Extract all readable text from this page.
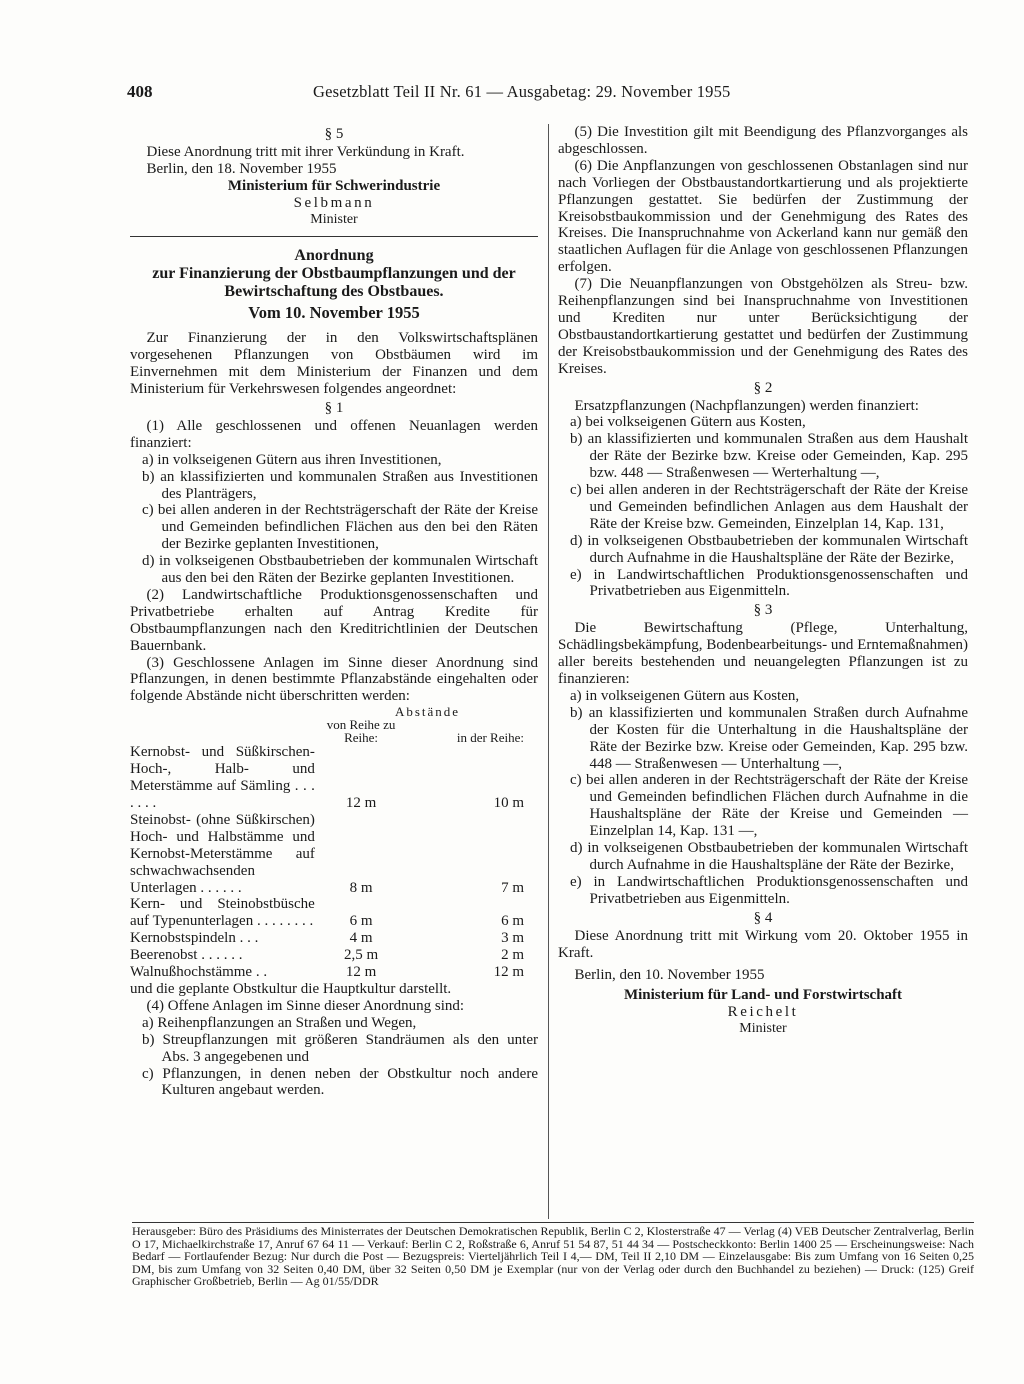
408	Gesetzblatt Teil II Nr. 61 — Ausgabetag: 29. November 1955

§ 5

Diese Anordnung tritt mit ihrer Verkündung in Kraft.

Berlin, den 18. November 1955

Ministerium für Schwerindustrie

Selbmann

Minister

Anordnung

zur Finanzierung der Obstbaumpflanzungen und der Bewirtschaftung des Obstbaues.

Vom 10. November 1955

Zur Finanzierung der in den Volkswirtschaftsplänen vorgesehenen Pflanzungen von Obstbäumen wird im Einvernehmen mit dem Ministerium der Finanzen und dem Ministerium für Verkehrswesen folgendes angeordnet:

§ 1

(1) Alle geschlossenen und offenen Neuanlagen werden finanziert:

a) in volkseigenen Gütern aus ihren Investitionen,

b) an klassifizierten und kommunalen Straßen aus Investitionen des Planträgers,

c) bei allen anderen in der Rechtsträgerschaft der Räte der Kreise und Gemeinden befindlichen Flächen aus den bei den Räten der Bezirke geplanten Investitionen,

d) in volkseigenen Obstbaubetrieben der kommunalen Wirtschaft aus den bei den Räten der Bezirke geplanten Investitionen.

(2) Landwirtschaftliche Produktionsgenossenschaften und Privatbetriebe erhalten auf Antrag Kredite für Obstbaumpflanzungen nach den Kreditrichtlinien der Deutschen Bauernbank.

(3) Geschlossene Anlagen im Sinne dieser Anordnung sind Pflanzungen, in denen bestimmte Pflanzabstände eingehalten oder folgende Abstände nicht überschritten werden:

Abstände
von Reihe zu Reihe:	in der Reihe:
Kernobst- und Süßkirschen-Hoch-, Halb- und Meterstämme auf Sämling . . . . . . .	12 m	10 m
Steinobst- (ohne Süßkirschen) Hoch- und Halbstämme und Kernobst-Meterstämme auf schwachwachsenden Unterlagen . . . . . .	8 m	7 m
Kern- und Steinobstbüsche auf Typenunterlagen . . . . . . . .	6 m	6 m
Kernobstspindeln . . .	4 m	3 m
Beerenobst . . . . . .	2,5 m	2 m
Walnußhochstämme . .	12 m	12 m

und die geplante Obstkultur die Hauptkultur darstellt.

(4) Offene Anlagen im Sinne dieser Anordnung sind:

a) Reihenpflanzungen an Straßen und Wegen,

b) Streupflanzungen mit größeren Standräumen als den unter Abs. 3 angegebenen und

c) Pflanzungen, in denen neben der Obstkultur noch andere Kulturen angebaut werden.

(5) Die Investition gilt mit Beendigung des Pflanzvorganges als abgeschlossen.

(6) Die Anpflanzungen von geschlossenen Obstanlagen sind nur nach Vorliegen der Obstbaustandortkartierung und als projektierte Pflanzungen gestattet. Sie bedürfen der Zustimmung der Kreisobstbaukommission und der Genehmigung des Rates des Kreises. Die Inanspruchnahme von Ackerland kann nur gemäß den staatlichen Auflagen für die Anlage von geschlossenen Pflanzungen erfolgen.

(7) Die Neuanpflanzungen von Obstgehölzen als Streu- bzw. Reihenpflanzungen sind bei Inanspruchnahme von Investitionen und Krediten nur unter Berücksichtigung der Obstbaustandortkartierung gestattet und bedürfen der Zustimmung der Kreisobstbaukommission und der Genehmigung des Rates des Kreises.

§ 2

Ersatzpflanzungen (Nachpflanzungen) werden finanziert:

a) bei volkseigenen Gütern aus Kosten,

b) an klassifizierten und kommunalen Straßen aus dem Haushalt der Räte der Bezirke bzw. Kreise oder Gemeinden, Kap. 295 bzw. 448 — Straßenwesen — Werterhaltung —,

c) bei allen anderen in der Rechtsträgerschaft der Räte der Kreise und Gemeinden befindlichen Anlagen aus dem Haushalt der Räte der Kreise bzw. Gemeinden, Einzelplan 14, Kap. 131,

d) in volkseigenen Obstbaubetrieben der kommunalen Wirtschaft durch Aufnahme in die Haushaltspläne der Räte der Bezirke,

e) in Landwirtschaftlichen Produktionsgenossenschaften und Privatbetrieben aus Eigenmitteln.

§ 3

Die Bewirtschaftung (Pflege, Unterhaltung, Schädlingsbekämpfung, Bodenbearbeitungs- und Erntemaßnahmen) aller bereits bestehenden und neuangelegten Pflanzungen ist zu finanzieren:

a) in volkseigenen Gütern aus Kosten,

b) an klassifizierten und kommunalen Straßen durch Aufnahme der Kosten für die Unterhaltung in die Haushaltspläne der Räte der Bezirke bzw. Kreise oder Gemeinden, Kap. 295 bzw. 448 — Straßenwesen — Unterhaltung —,

c) bei allen anderen in der Rechtsträgerschaft der Räte der Kreise und Gemeinden befindlichen Flächen durch Aufnahme in die Haushaltspläne der Räte der Kreise und Gemeinden — Einzelplan 14, Kap. 131 —,

d) in volkseigenen Obstbaubetrieben der kommunalen Wirtschaft durch Aufnahme in die Haushaltspläne der Räte der Bezirke,

e) in Landwirtschaftlichen Produktionsgenossenschaften und Privatbetrieben aus Eigenmitteln.

§ 4

Diese Anordnung tritt mit Wirkung vom 20. Oktober 1955 in Kraft.

Berlin, den 10. November 1955

Ministerium für Land- und Forstwirtschaft

Reichelt

Minister

Herausgeber: Büro des Präsidiums des Ministerrates der Deutschen Demokratischen Republik, Berlin C 2, Klosterstraße 47 — Verlag (4) VEB Deutscher Zentralverlag, Berlin O 17, Michaelkirchstraße 17, Anruf 67 64 11 — Verkauf: Berlin C 2, Roßstraße 6, Anruf 51 54 87, 51 44 34 — Postscheckkonto: Berlin 1400 25 — Erscheinungsweise: Nach Bedarf — Fortlaufender Bezug: Nur durch die Post — Bezugspreis: Vierteljährlich Teil I 4,— DM, Teil II 2,10 DM — Einzelausgabe: Bis zum Umfang von 16 Seiten 0,25 DM, bis zum Umfang von 32 Seiten 0,40 DM, über 32 Seiten 0,50 DM je Exemplar (nur von der Verlag oder durch den Buchhandel zu beziehen) — Druck: (125) Greif Graphischer Großbetrieb, Berlin — Ag 01/55/DDR
